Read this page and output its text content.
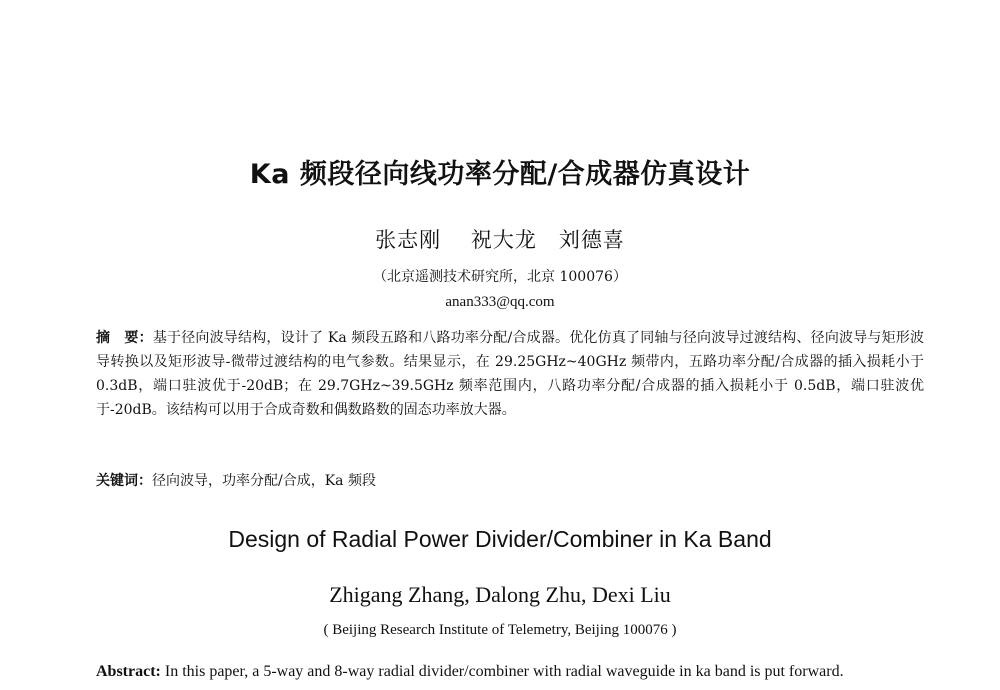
Ka 频段径向线功率分配/合成器仿真设计
张志刚　 祝大龙　刘德喜
（北京遥测技术研究所，北京 100076）
anan333@qq.com
摘　要：基于径向波导结构，设计了 Ka 频段五路和八路功率分配/合成器。优化仿真了同轴与径向波导过渡结构、径向波导与矩形波导转换以及矩形波导-微带过渡结构的电气参数。结果显示，在 29.25GHz~40GHz 频带内，五路功率分配/合成器的插入损耗小于 0.3dB，端口驻波优于-20dB；在 29.7GHz~39.5GHz 频率范围内，八路功率分配/合成器的插入损耗小于 0.5dB，端口驻波优于-20dB。该结构可以用于合成奇数和偶数路数的固态功率放大器。
关键词：径向波导，功率分配/合成，Ka 频段
Design of Radial Power Divider/Combiner in Ka Band
Zhigang Zhang, Dalong Zhu, Dexi Liu
( Beijing Research Institute of Telemetry, Beijing 100076 )
Abstract: In this paper, a 5-way and 8-way radial divider/combiner with radial waveguide in ka band is put forward.
